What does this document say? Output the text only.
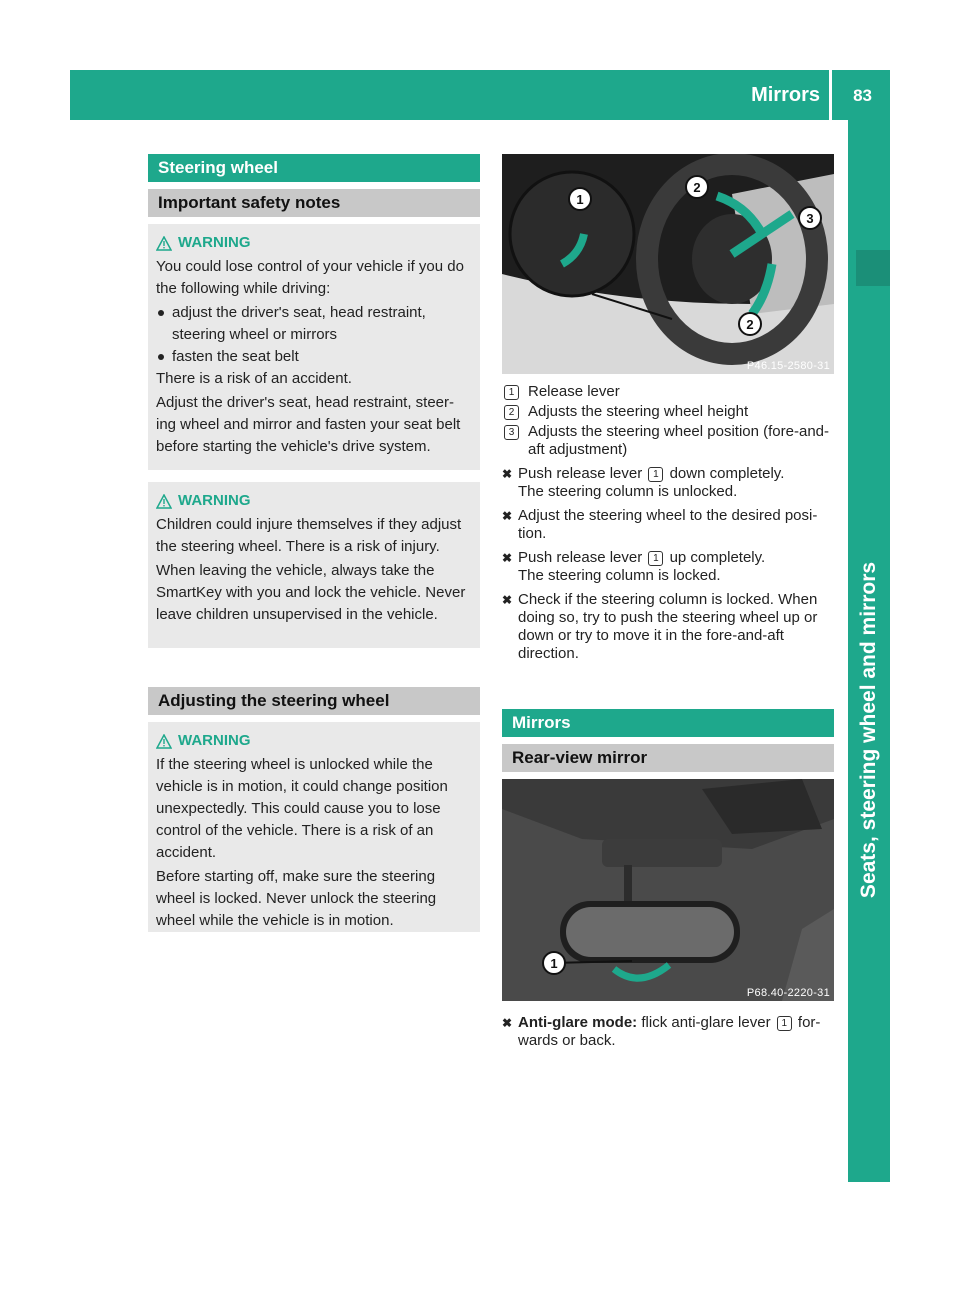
Mirrors 83
Seats, steering wheel and mirrors
Steering wheel
Important safety notes
WARNING

You could lose control of your vehicle if you do the following while driving:

adjust the driver's seat, head restraint, steering wheel or mirrors
fasten the seat belt

There is a risk of an accident.

Adjust the driver's seat, head restraint, steer-ing wheel and mirror and fasten your seat belt before starting the vehicle's drive system.

WARNING

Children could injure themselves if they adjust the steering wheel. There is a risk of injury.

When leaving the vehicle, always take the SmartKey with you and lock the vehicle. Never leave children unsupervised in the vehicle.

Adjusting the steering wheel
WARNING

If the steering wheel is unlocked while the vehicle is in motion, it could change position unexpectedly. This could cause you to lose control of the vehicle. There is a risk of an accident.

Before starting off, make sure the steering wheel is locked. Never unlock the steering wheel while the vehicle is in motion.

1
2
3
2
P46.15-2580-31
1 Release lever
2 Adjusts the steering wheel height
3 Adjusts the steering wheel position (fore-and-aft adjustment)
✖ Push release lever 1 down completely.
The steering column is unlocked.
✖ Adjust the steering wheel to the desired posi-tion.
✖ Push release lever 1 up completely.
The steering column is locked.
✖ Check if the steering column is locked. When doing so, try to push the steering wheel up or down or try to move it in the fore-and-aft direction.
Mirrors
Rear-view mirror
1
P68.40-2220-31
✖ Anti-glare mode: flick anti-glare lever 1 for-wards or back.
